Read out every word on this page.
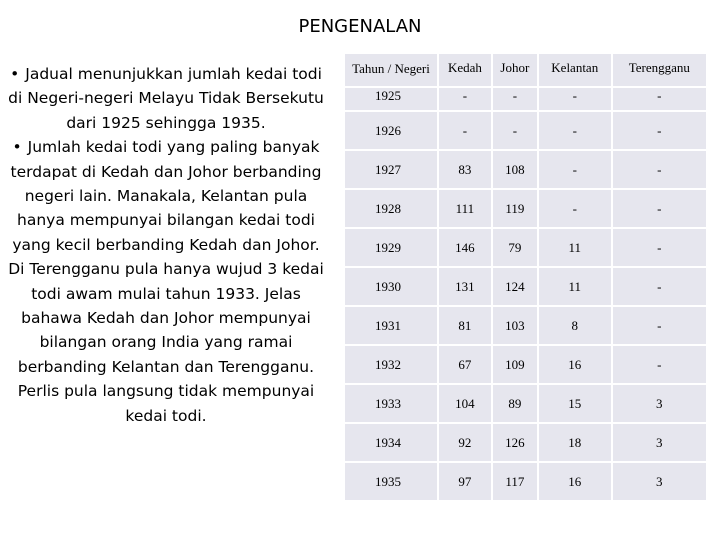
PENGENALAN

• Jadual menunjukkan jumlah kedai todi di Negeri-negeri Melayu Tidak Bersekutu dari 1925 sehingga 1935.

• Jumlah kedai todi yang paling banyak terdapat di Kedah dan Johor berbanding negeri lain. Manakala, Kelantan pula hanya mempunyai bilangan kedai todi yang kecil berbanding Kedah dan Johor. Di Terengganu pula hanya wujud 3 kedai todi awam mulai tahun 1933. Jelas bahawa Kedah dan Johor mempunyai bilangan orang India yang ramai berbanding Kelantan dan Terengganu. Perlis pula langsung tidak mempunyai kedai todi.

Tahun / Negeri	Kedah	Johor	Kelantan	Terengganu
1925	-	-	-	-
1926	-	-	-	-
1927	83	108	-	-
1928	111	119	-	-
1929	146	79	11	-
1930	131	124	11	-
1931	81	103	8	-
1932	67	109	16	-
1933	104	89	15	3
1934	92	126	18	3
1935	97	117	16	3
